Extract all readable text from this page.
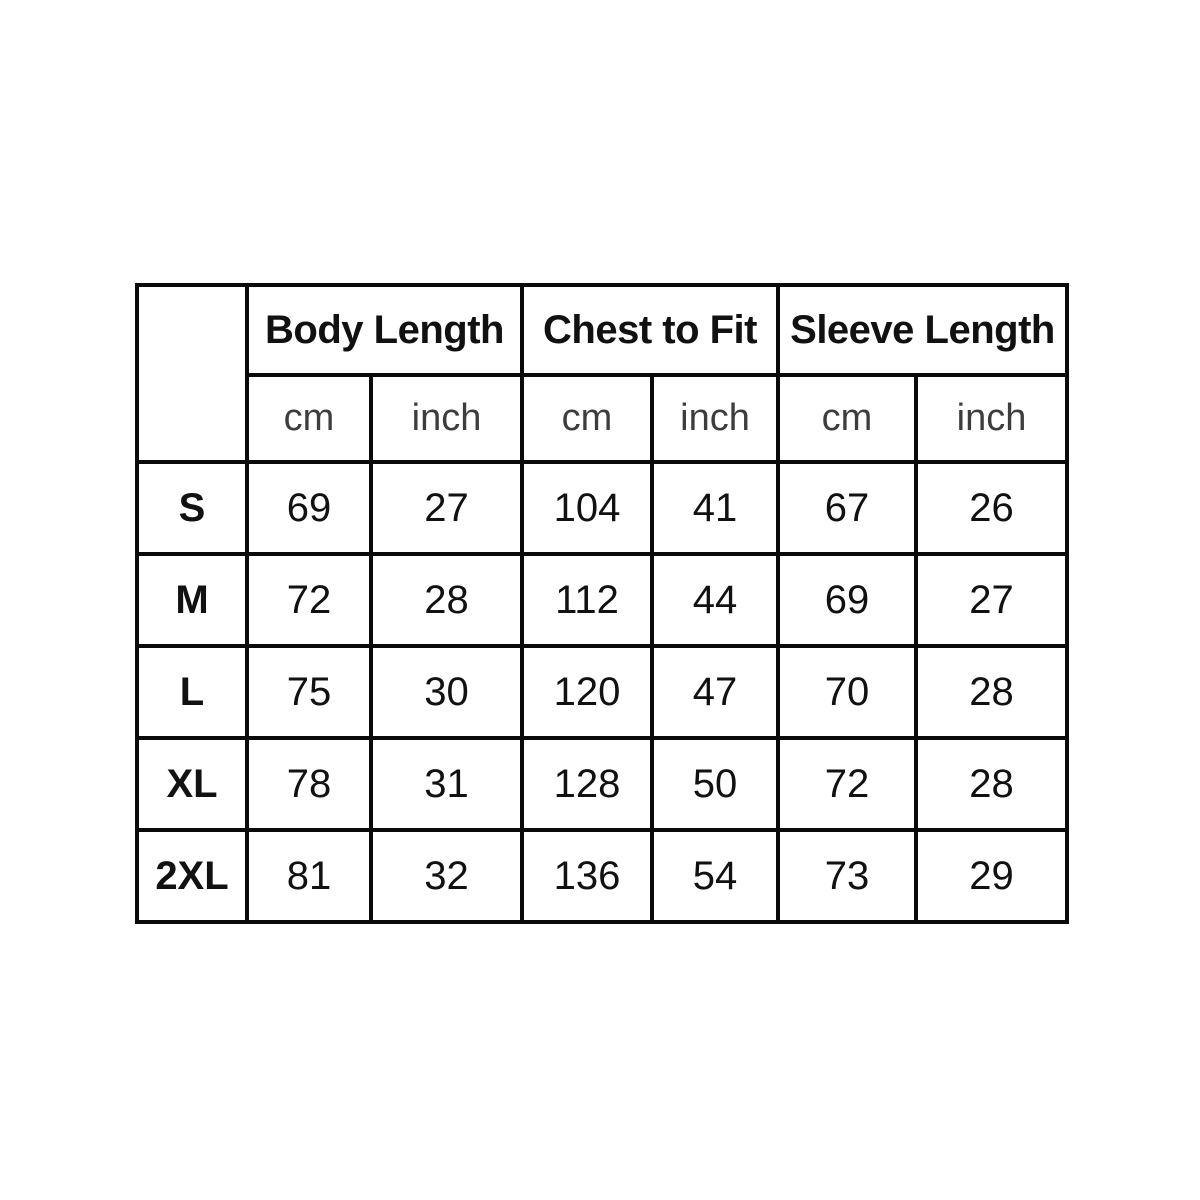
	Body Length		Chest to Fit		Sleeve Length	
	cm	inch	cm	inch	cm	inch
S	69	27	104	41	67	26
M	72	28	112	44	69	27
L	75	30	120	47	70	28
XL	78	31	128	50	72	28
2XL	81	32	136	54	73	29
